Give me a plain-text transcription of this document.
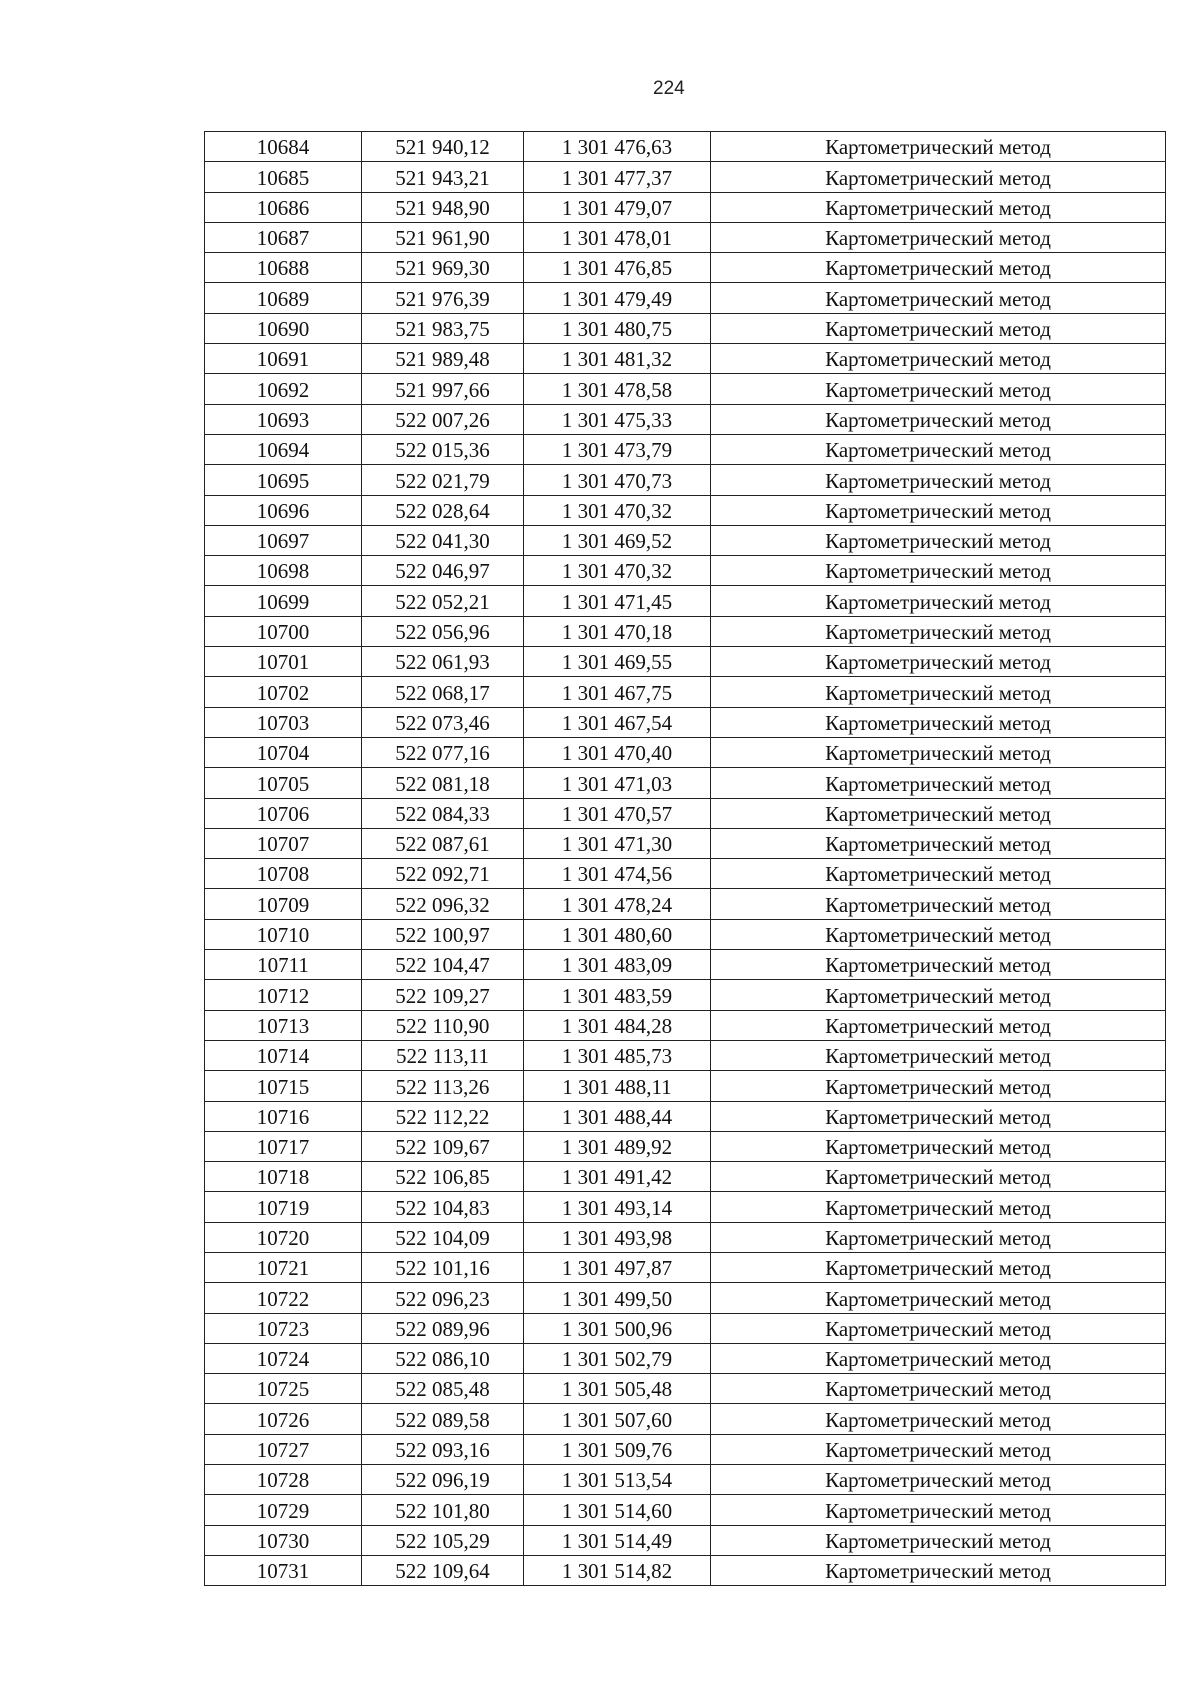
224
10684	521 940,12	1 301 476,63	Картометрический метод
10685	521 943,21	1 301 477,37	Картометрический метод
10686	521 948,90	1 301 479,07	Картометрический метод
10687	521 961,90	1 301 478,01	Картометрический метод
10688	521 969,30	1 301 476,85	Картометрический метод
10689	521 976,39	1 301 479,49	Картометрический метод
10690	521 983,75	1 301 480,75	Картометрический метод
10691	521 989,48	1 301 481,32	Картометрический метод
10692	521 997,66	1 301 478,58	Картометрический метод
10693	522 007,26	1 301 475,33	Картометрический метод
10694	522 015,36	1 301 473,79	Картометрический метод
10695	522 021,79	1 301 470,73	Картометрический метод
10696	522 028,64	1 301 470,32	Картометрический метод
10697	522 041,30	1 301 469,52	Картометрический метод
10698	522 046,97	1 301 470,32	Картометрический метод
10699	522 052,21	1 301 471,45	Картометрический метод
10700	522 056,96	1 301 470,18	Картометрический метод
10701	522 061,93	1 301 469,55	Картометрический метод
10702	522 068,17	1 301 467,75	Картометрический метод
10703	522 073,46	1 301 467,54	Картометрический метод
10704	522 077,16	1 301 470,40	Картометрический метод
10705	522 081,18	1 301 471,03	Картометрический метод
10706	522 084,33	1 301 470,57	Картометрический метод
10707	522 087,61	1 301 471,30	Картометрический метод
10708	522 092,71	1 301 474,56	Картометрический метод
10709	522 096,32	1 301 478,24	Картометрический метод
10710	522 100,97	1 301 480,60	Картометрический метод
10711	522 104,47	1 301 483,09	Картометрический метод
10712	522 109,27	1 301 483,59	Картометрический метод
10713	522 110,90	1 301 484,28	Картометрический метод
10714	522 113,11	1 301 485,73	Картометрический метод
10715	522 113,26	1 301 488,11	Картометрический метод
10716	522 112,22	1 301 488,44	Картометрический метод
10717	522 109,67	1 301 489,92	Картометрический метод
10718	522 106,85	1 301 491,42	Картометрический метод
10719	522 104,83	1 301 493,14	Картометрический метод
10720	522 104,09	1 301 493,98	Картометрический метод
10721	522 101,16	1 301 497,87	Картометрический метод
10722	522 096,23	1 301 499,50	Картометрический метод
10723	522 089,96	1 301 500,96	Картометрический метод
10724	522 086,10	1 301 502,79	Картометрический метод
10725	522 085,48	1 301 505,48	Картометрический метод
10726	522 089,58	1 301 507,60	Картометрический метод
10727	522 093,16	1 301 509,76	Картометрический метод
10728	522 096,19	1 301 513,54	Картометрический метод
10729	522 101,80	1 301 514,60	Картометрический метод
10730	522 105,29	1 301 514,49	Картометрический метод
10731	522 109,64	1 301 514,82	Картометрический метод
